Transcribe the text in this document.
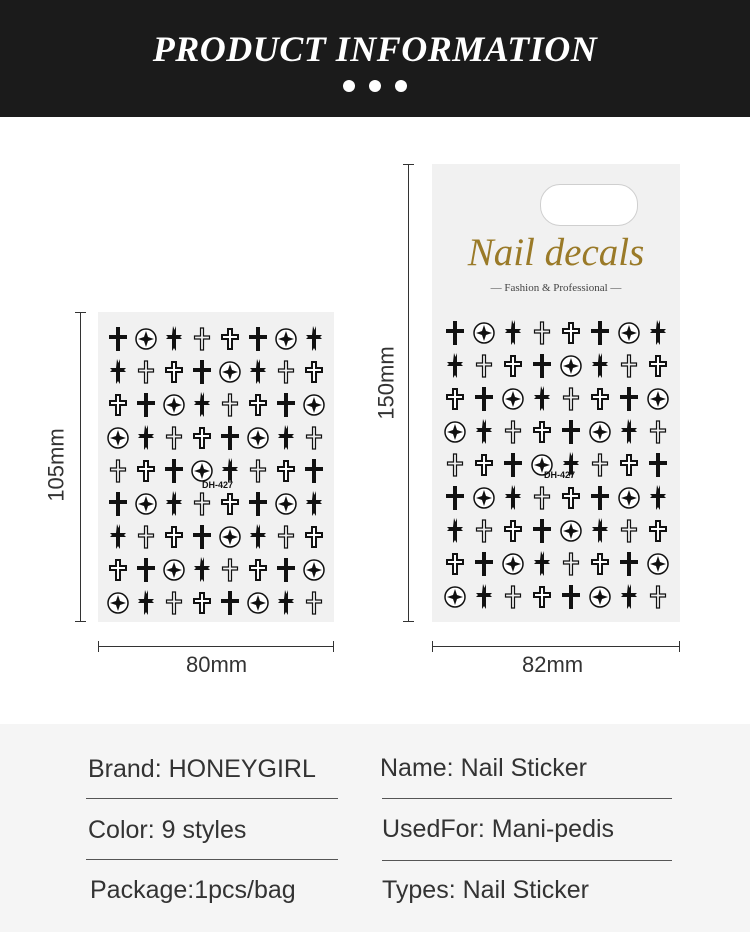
PRODUCT INFORMATION
DH-427
Nail decals
— Fashion & Professional —
DH-427
105mm
80mm
150mm
82mm
Brand: HONEYGIRL	Name: Nail Sticker
Color: 9 styles	UsedFor: Mani-pedis
Package:1pcs/bag	Types: Nail Sticker
